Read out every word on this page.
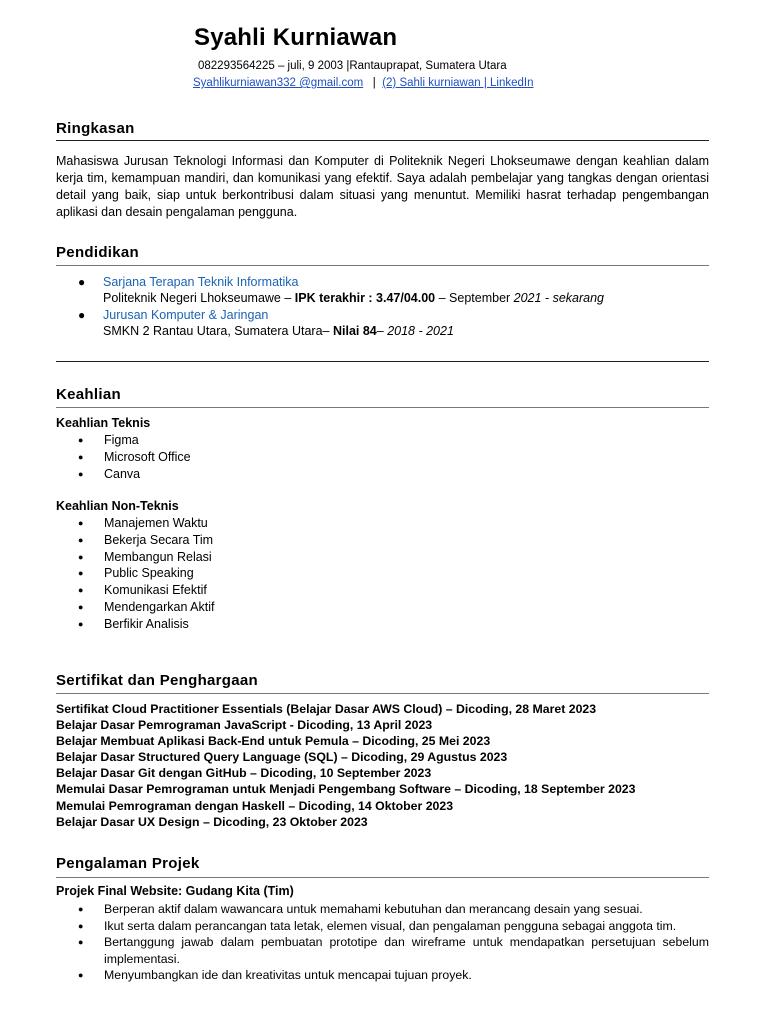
Syahli Kurniawan
082293564225 – juli, 9 2003 |Rantauprapat, Sumatera Utara
Syahlikurniawan332 @gmail.com | (2) Sahli kurniawan | LinkedIn
Ringkasan
Mahasiswa Jurusan Teknologi Informasi dan Komputer di Politeknik Negeri Lhokseumawe dengan keahlian dalam kerja tim, kemampuan mandiri, dan komunikasi yang efektif. Saya adalah pembelajar yang tangkas dengan orientasi detail yang baik, siap untuk berkontribusi dalam situasi yang menuntut. Memiliki hasrat terhadap pengembangan aplikasi dan desain pengalaman pengguna.
Pendidikan
● Sarjana Terapan Teknik Informatika
Politeknik Negeri Lhokseumawe – IPK terakhir : 3.47/04.00 – September 2021 - sekarang
● Jurusan Komputer & Jaringan
SMKN 2 Rantau Utara, Sumatera Utara– Nilai 84– 2018 - 2021
Keahlian
Keahlian Teknis
● Figma
● Microsoft Office
● Canva
Keahlian Non-Teknis
● Manajemen Waktu
● Bekerja Secara Tim
● Membangun Relasi
● Public Speaking
● Komunikasi Efektif
● Mendengarkan Aktif
● Berfikir Analisis
Sertifikat dan Penghargaan
Sertifikat Cloud Practitioner Essentials (Belajar Dasar AWS Cloud) – Dicoding, 28 Maret 2023
Belajar Dasar Pemrograman JavaScript - Dicoding, 13 April 2023
Belajar Membuat Aplikasi Back-End untuk Pemula – Dicoding, 25 Mei 2023
Belajar Dasar Structured Query Language (SQL) – Dicoding, 29 Agustus 2023
Belajar Dasar Git dengan GitHub – Dicoding, 10 September 2023
Memulai Dasar Pemrograman untuk Menjadi Pengembang Software – Dicoding, 18 September 2023
Memulai Pemrograman dengan Haskell – Dicoding, 14 Oktober 2023
Belajar Dasar UX Design – Dicoding, 23 Oktober 2023
Pengalaman Projek
Projek Final Website: Gudang Kita (Tim)
● Berperan aktif dalam wawancara untuk memahami kebutuhan dan merancang desain yang sesuai.
● Ikut serta dalam perancangan tata letak, elemen visual, dan pengalaman pengguna sebagai anggota tim.
● Bertanggung jawab dalam pembuatan prototipe dan wireframe untuk mendapatkan persetujuan sebelum implementasi.
● Menyumbangkan ide dan kreativitas untuk mencapai tujuan proyek.
